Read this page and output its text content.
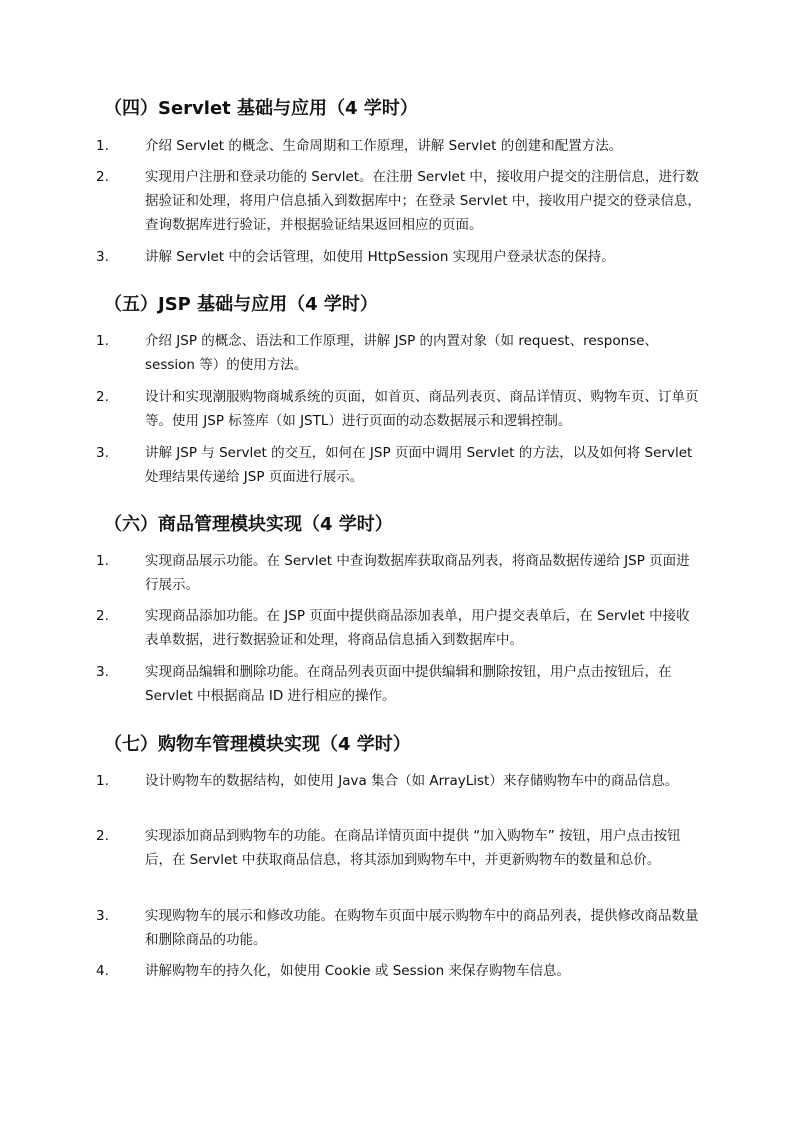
（四）Servlet 基础与应用（4 学时）
1.	介绍 Servlet 的概念、生命周期和工作原理，讲解 Servlet 的创建和配置方法。

2.	实现用户注册和登录功能的 Servlet。在注册 Servlet 中，接收用户提交的注册信息，进行数据验证和处理，将用户信息插入到数据库中；在登录 Servlet 中，接收用户提交的登录信息，查询数据库进行验证，并根据验证结果返回相应的页面。

3.	讲解 Servlet 中的会话管理，如使用 HttpSession 实现用户登录状态的保持。

（五）JSP 基础与应用（4 学时）
1.	介绍 JSP 的概念、语法和工作原理，讲解 JSP 的内置对象（如 request、response、session 等）的使用方法。

2.	设计和实现潮服购物商城系统的页面，如首页、商品列表页、商品详情页、购物车页、订单页等。使用 JSP 标签库（如 JSTL）进行页面的动态数据展示和逻辑控制。

3.	讲解 JSP 与 Servlet 的交互，如何在 JSP 页面中调用 Servlet 的方法，以及如何将 Servlet 处理结果传递给 JSP 页面进行展示。

（六）商品管理模块实现（4 学时）
1.	实现商品展示功能。在 Servlet 中查询数据库获取商品列表，将商品数据传递给 JSP 页面进行展示。

2.	实现商品添加功能。在 JSP 页面中提供商品添加表单，用户提交表单后，在 Servlet 中接收表单数据，进行数据验证和处理，将商品信息插入到数据库中。

3.	实现商品编辑和删除功能。在商品列表页面中提供编辑和删除按钮，用户点击按钮后，在 Servlet 中根据商品 ID 进行相应的操作。

（七）购物车管理模块实现（4 学时）
1.	设计购物车的数据结构，如使用 Java 集合（如 ArrayList）来存储购物车中的商品信息。

2.	实现添加商品到购物车的功能。在商品详情页面中提供 “加入购物车” 按钮，用户点击按钮后，在 Servlet 中获取商品信息，将其添加到购物车中，并更新购物车的数量和总价。

3.	实现购物车的展示和修改功能。在购物车页面中展示购物车中的商品列表，提供修改商品数量和删除商品的功能。

4.	讲解购物车的持久化，如使用 Cookie 或 Session 来保存购物车信息。
